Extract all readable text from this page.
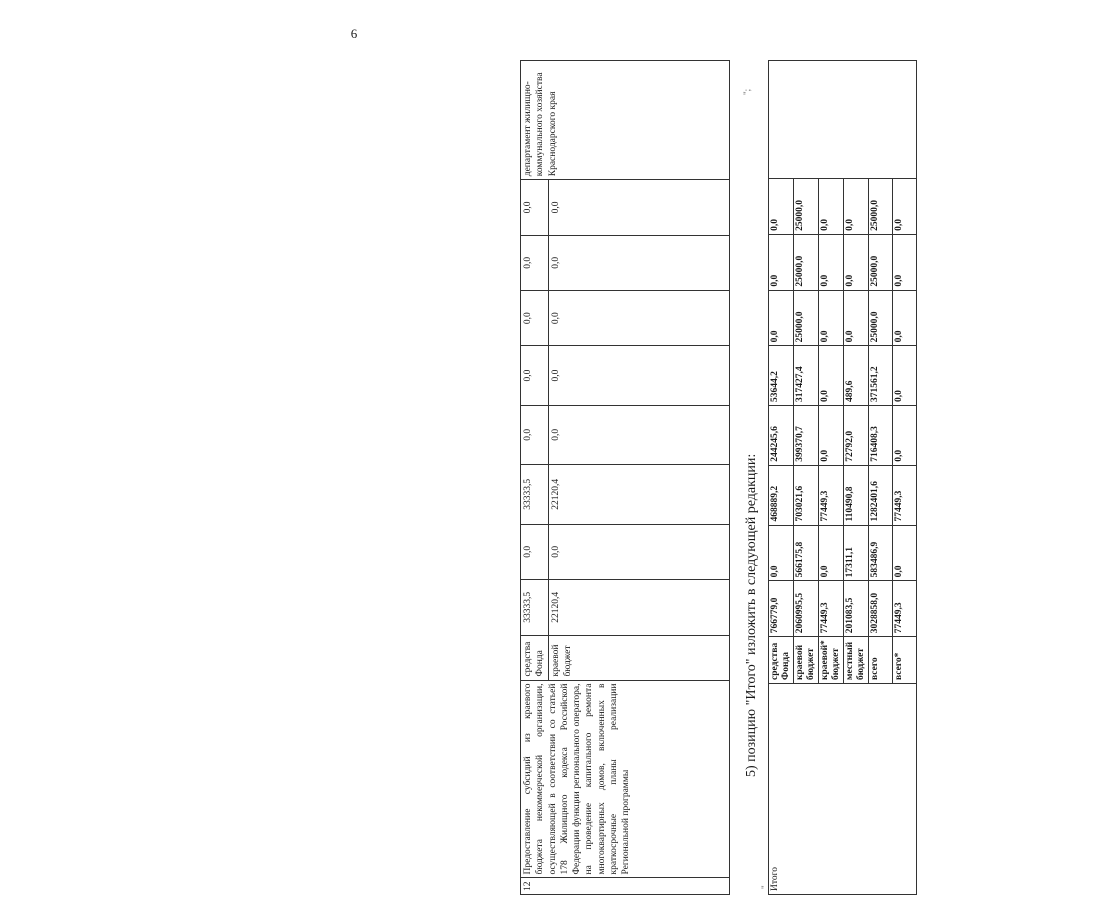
6
12	Предоставление субсидий из краевого бюджета некоммерческой организации, осуществляющей в соответствии со статьей 178 Жилищного кодекса Российской Федерации функции регионального оператора, на проведение капитального ремонта многоквартирных домов, включенных в краткосрочные планы реализации Региональной программы	средства Фонда	33333,5	0,0	33333,5	0,0	0,0	0,0	0,0	0,0	департамент жилищно-коммунального хозяйства Краснодарского края
		краевой бюджет	22120,4	0,0	22120,4	0,0	0,0	0,0	0,0	0,0	
"
5) позицию "Итого" изложить в следующей редакции:
";
Итого	средства Фонда	766779,0	0,0	468889,2	244245,6	53644,2	0,0	0,0	0,0	
	краевой бюджет	2060995,5	566175,8	703021,6	399370,7	317427,4	25000,0	25000,0	25000,0	
	краевой* бюджет	77449,3	0,0	77449,3	0,0	0,0	0,0	0,0	0,0	
	местный бюджет	201083,5	17311,1	110490,8	72792,0	489,6	0,0	0,0	0,0	
	всего	3028858,0	583486,9	1282401,6	716408,3	371561,2	25000,0	25000,0	25000,0	
	всего*	77449,3	0,0	77449,3	0,0	0,0	0,0	0,0	0,0	
